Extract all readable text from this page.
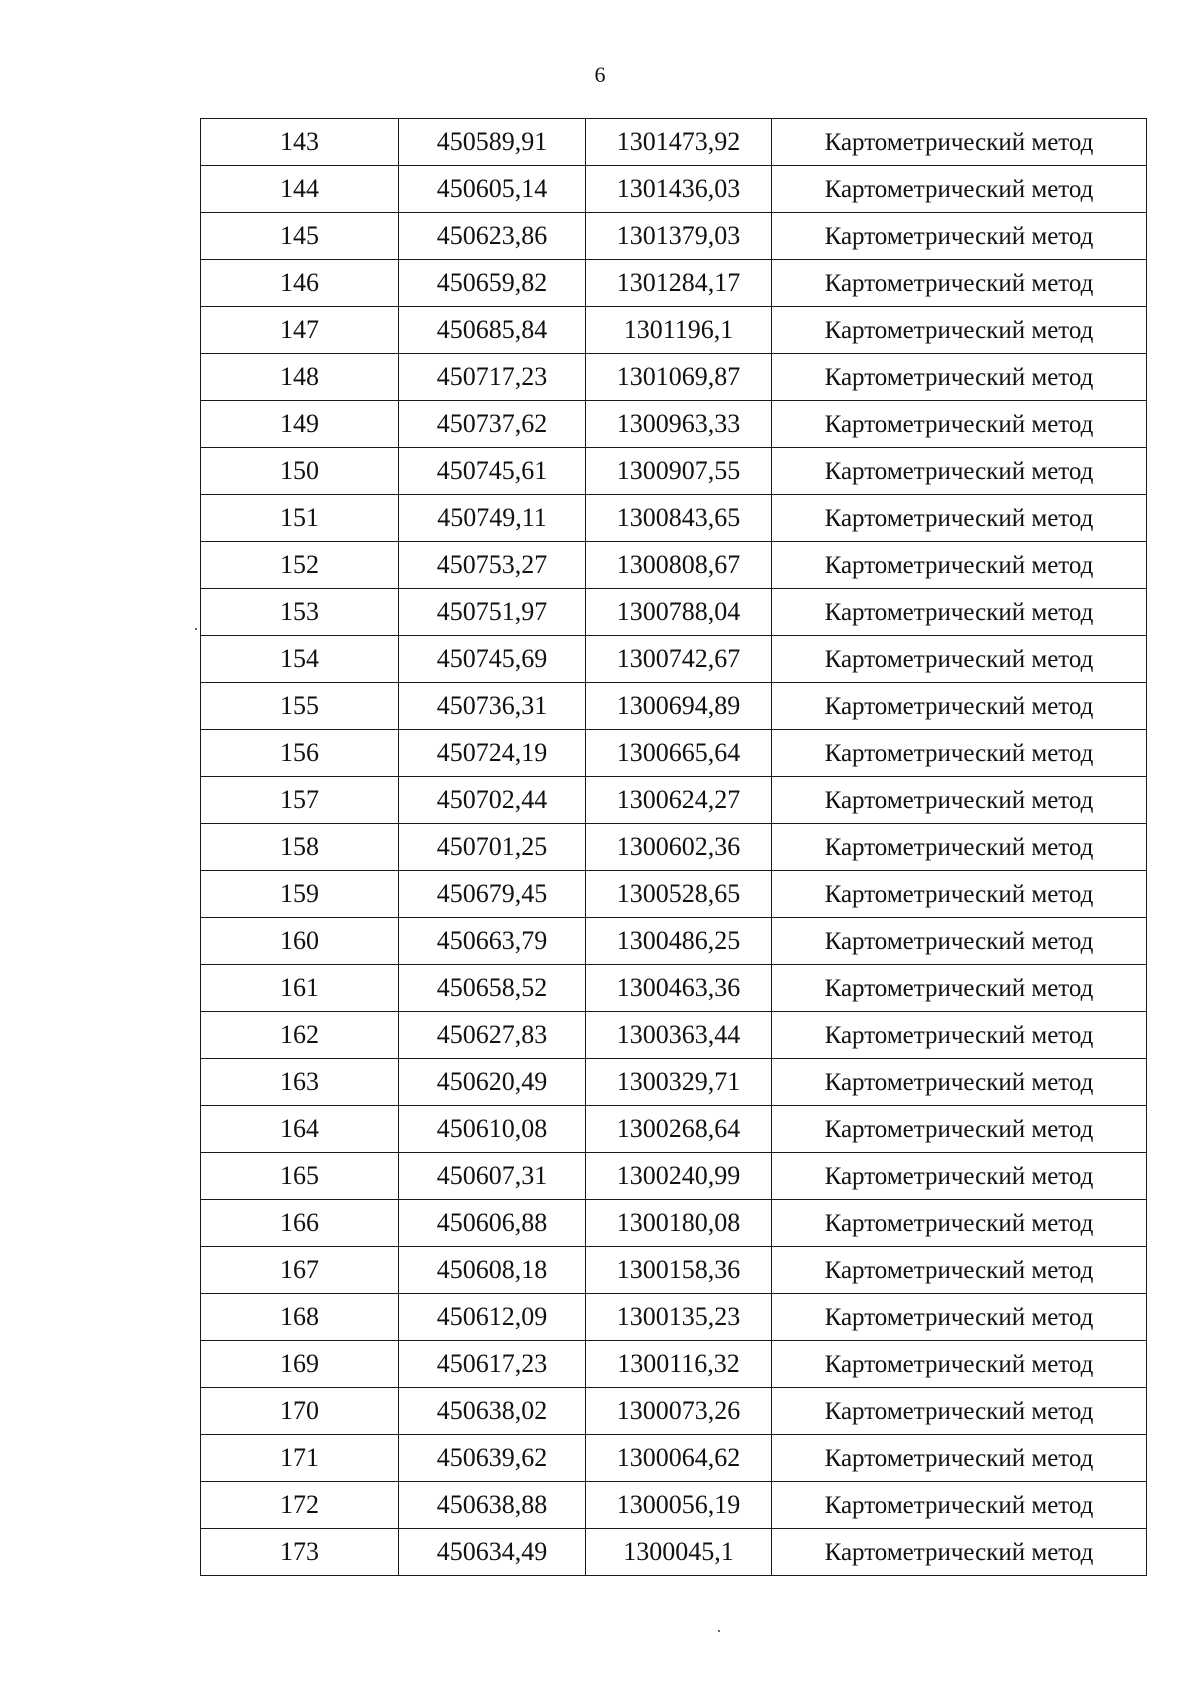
6
143	450589,91	1301473,92	Картометрический метод
144	450605,14	1301436,03	Картометрический метод
145	450623,86	1301379,03	Картометрический метод
146	450659,82	1301284,17	Картометрический метод
147	450685,84	1301196,1	Картометрический метод
148	450717,23	1301069,87	Картометрический метод
149	450737,62	1300963,33	Картометрический метод
150	450745,61	1300907,55	Картометрический метод
151	450749,11	1300843,65	Картометрический метод
152	450753,27	1300808,67	Картометрический метод
153	450751,97	1300788,04	Картометрический метод
154	450745,69	1300742,67	Картометрический метод
155	450736,31	1300694,89	Картометрический метод
156	450724,19	1300665,64	Картометрический метод
157	450702,44	1300624,27	Картометрический метод
158	450701,25	1300602,36	Картометрический метод
159	450679,45	1300528,65	Картометрический метод
160	450663,79	1300486,25	Картометрический метод
161	450658,52	1300463,36	Картометрический метод
162	450627,83	1300363,44	Картометрический метод
163	450620,49	1300329,71	Картометрический метод
164	450610,08	1300268,64	Картометрический метод
165	450607,31	1300240,99	Картометрический метод
166	450606,88	1300180,08	Картометрический метод
167	450608,18	1300158,36	Картометрический метод
168	450612,09	1300135,23	Картометрический метод
169	450617,23	1300116,32	Картометрический метод
170	450638,02	1300073,26	Картометрический метод
171	450639,62	1300064,62	Картометрический метод
172	450638,88	1300056,19	Картометрический метод
173	450634,49	1300045,1	Картометрический метод
